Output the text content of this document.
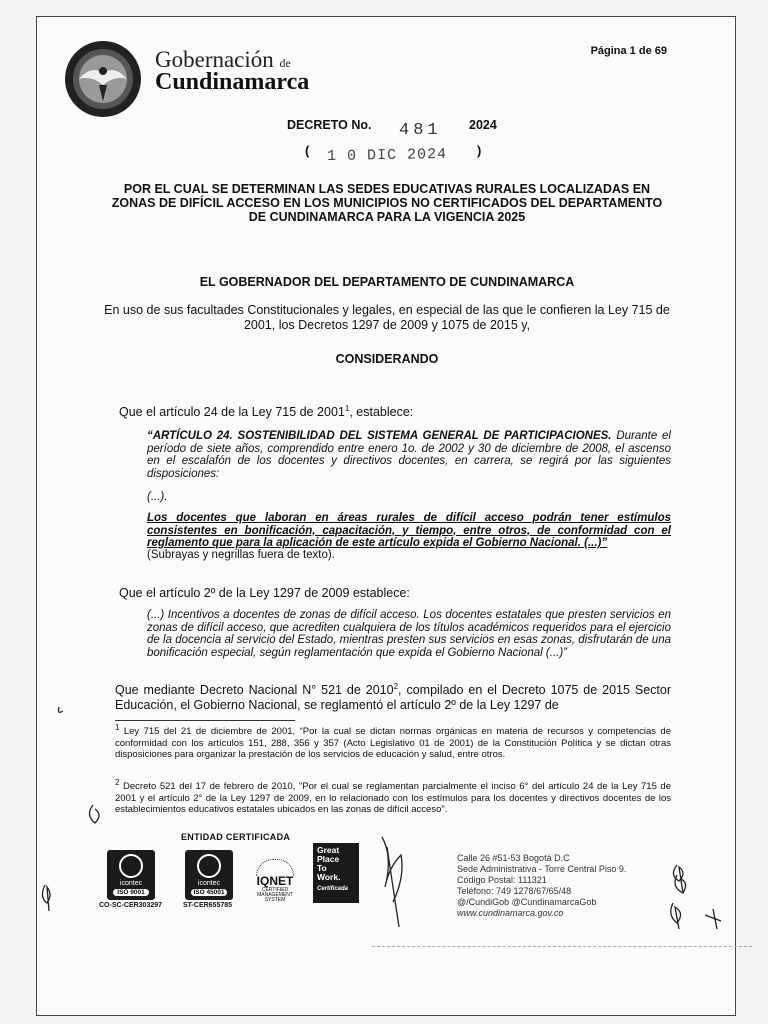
Gobernación de
Cundinamarca
Página 1 de 69
DECRETO No. 481 2024
( 1 0 DIC 2024 )
POR EL CUAL SE DETERMINAN LAS SEDES EDUCATIVAS RURALES LOCALIZADAS EN ZONAS DE DIFÍCIL ACCESO EN LOS MUNICIPIOS NO CERTIFICADOS DEL DEPARTAMENTO DE CUNDINAMARCA PARA LA VIGENCIA 2025
EL GOBERNADOR DEL DEPARTAMENTO DE CUNDINAMARCA
En uso de sus facultades Constitucionales y legales, en especial de las que le confieren la Ley 715 de 2001, los Decretos 1297 de 2009 y 1075 de 2015 y,
CONSIDERANDO
Que el artículo 24 de la Ley 715 de 2001$^1$, establece:
“ARTÍCULO 24. SOSTENIBILIDAD DEL SISTEMA GENERAL DE PARTICIPACIONES. Durante el período de siete años, comprendido entre enero 1o. de 2002 y 30 de diciembre de 2008, el ascenso en el escalafón de los docentes y directivos docentes, en carrera, se regirá por las siguientes disposiciones:
(...).
Los docentes que laboran en áreas rurales de difícil acceso podrán tener estímulos consistentes en bonificación, capacitación, y tiempo, entre otros, de conformidad con el reglamento que para la aplicación de este artículo expida el Gobierno Nacional. (...)”
(Subrayas y negrillas fuera de texto).
Que el artículo 2º de la Ley 1297 de 2009 establece:
(...) Incentivos a docentes de zonas de difícil acceso. Los docentes estatales que presten servicios en zonas de difícil acceso, que acrediten cualquiera de los títulos académicos requeridos para el ejercicio de la docencia al servicio del Estado, mientras presten sus servicios en esas zonas, disfrutarán de una bonificación especial, según reglamentación que expida el Gobierno Nacional (...)”
Que mediante Decreto Nacional N° 521 de 2010$^2$, compilado en el Decreto 1075 de 2015 Sector Educación, el Gobierno Nacional, se reglamentó el artículo 2º de la Ley 1297 de
$^1$ Ley 715 del 21 de diciembre de 2001, “Por la cual se dictan normas orgánicas en materia de recursos y competencias de conformidad con los artículos 151, 288, 356 y 357 (Acto Legislativo 01 de 2001) de la Constitución Política y se dictan otras disposiciones para organizar la prestación de los servicios de educación y salud, entre otros.
$^2$ Decreto 521 del 17 de febrero de 2010, "Por el cual se reglamentan parcialmente el inciso 6° del artículo 24 de la Ley 715 de 2001 y el artículo 2° de la Ley 1297 de 2009, en lo relacionado con los estímulos para los docentes y directivos docentes de los establecimientos educativos estatales ubicados en las zonas de difícil acceso".
ENTIDAD CERTIFICADA
icontec
ISO 9001
CO-SC-CER303297
icontec
ISO 45001
ST-CER655785
IQNET
CERTIFIED MANAGEMENT SYSTEM
Great
Place
To
Work.
Certificada
Calle 26 #51-53 Bogotá D.C
Sede Administrativa - Torre Central Piso 9.
Código Postal: 111321
Teléfono: 749 1278/67/65/48
@/CundiGob @CundinamarcaGob
www.cundinamarca.gov.co
